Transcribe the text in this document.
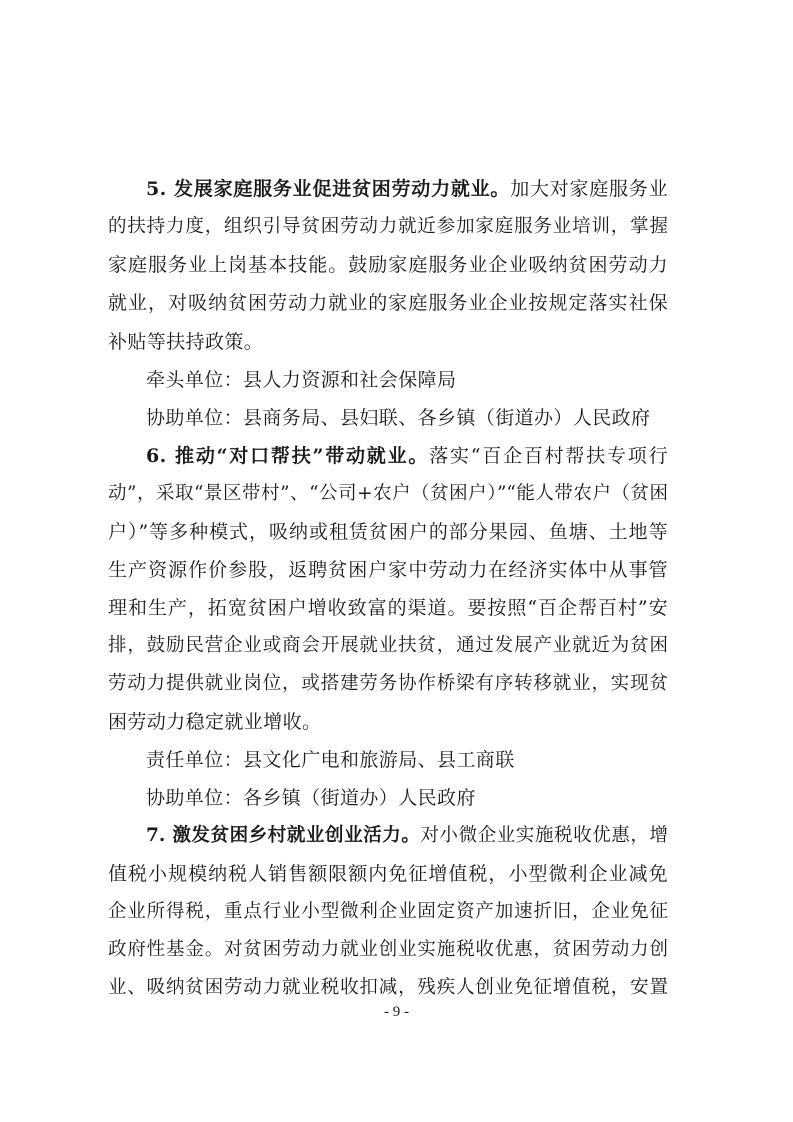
5. 发展家庭服务业促进贫困劳动力就业。加大对家庭服务业
的扶持力度，组织引导贫困劳动力就近参加家庭服务业培训，掌握
家庭服务业上岗基本技能。鼓励家庭服务业企业吸纳贫困劳动力
就业，对吸纳贫困劳动力就业的家庭服务业企业按规定落实社保
补贴等扶持政策。
牵头单位：县人力资源和社会保障局
协助单位：县商务局、县妇联、各乡镇（街道办）人民政府
6. 推动“对口帮扶”带动就业。落实“百企百村帮扶专项行
动”，采取“景区带村”、“公司+农户（贫困户）”“能人带农户（贫困
户）”等多种模式，吸纳或租赁贫困户的部分果园、鱼塘、土地等
生产资源作价参股，返聘贫困户家中劳动力在经济实体中从事管
理和生产，拓宽贫困户增收致富的渠道。要按照“百企帮百村”安
排，鼓励民营企业或商会开展就业扶贫，通过发展产业就近为贫困
劳动力提供就业岗位，或搭建劳务协作桥梁有序转移就业，实现贫
困劳动力稳定就业增收。
责任单位：县文化广电和旅游局、县工商联
协助单位：各乡镇（街道办）人民政府
7. 激发贫困乡村就业创业活力。对小微企业实施税收优惠，增
值税小规模纳税人销售额限额内免征增值税，小型微利企业减免
企业所得税，重点行业小型微利企业固定资产加速折旧，企业免征
政府性基金。对贫困劳动力就业创业实施税收优惠，贫困劳动力创
业、吸纳贫困劳动力就业税收扣减，残疾人创业免征增值税，安置
- 9 -
